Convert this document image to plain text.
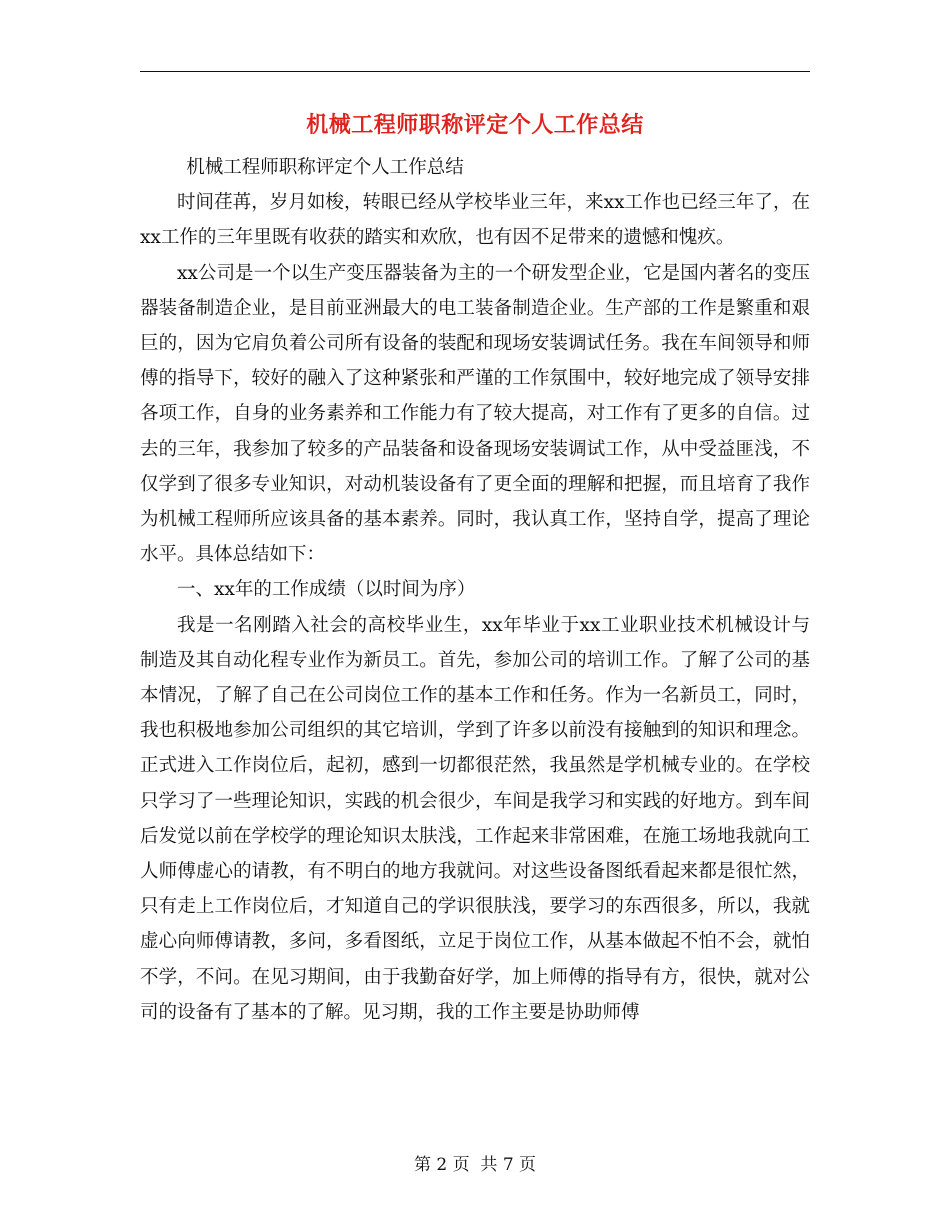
机械工程师职称评定个人工作总结

机械工程师职称评定个人工作总结

时间荏苒，岁月如梭，转眼已经从学校毕业三年，来xx工作也已经三年了，在xx工作的三年里既有收获的踏实和欢欣，也有因不足带来的遗憾和愧疚。

xx公司是一个以生产变压器装备为主的一个研发型企业，它是国内著名的变压器装备制造企业，是目前亚洲最大的电工装备制造企业。生产部的工作是繁重和艰巨的，因为它肩负着公司所有设备的装配和现场安装调试任务。我在车间领导和师傅的指导下，较好的融入了这种紧张和严谨的工作氛围中，较好地完成了领导安排各项工作，自身的业务素养和工作能力有了较大提高，对工作有了更多的自信。过去的三年，我参加了较多的产品装备和设备现场安装调试工作，从中受益匪浅，不仅学到了很多专业知识，对动机装设备有了更全面的理解和把握，而且培育了我作为机械工程师所应该具备的基本素养。同时，我认真工作，坚持自学，提高了理论水平。具体总结如下：

一、xx年的工作成绩（以时间为序）

我是一名刚踏入社会的高校毕业生，xx年毕业于xx工业职业技术机械设计与制造及其自动化程专业作为新员工。首先，参加公司的培训工作。了解了公司的基本情况，了解了自己在公司岗位工作的基本工作和任务。作为一名新员工，同时，我也积极地参加公司组织的其它培训，学到了许多以前没有接触到的知识和理念。正式进入工作岗位后，起初，感到一切都很茫然，我虽然是学机械专业的。在学校只学习了一些理论知识，实践的机会很少，车间是我学习和实践的好地方。到车间后发觉以前在学校学的理论知识太肤浅，工作起来非常困难，在施工场地我就向工人师傅虚心的请教，有不明白的地方我就问。对这些设备图纸看起来都是很忙然，只有走上工作岗位后，才知道自己的学识很肤浅，要学习的东西很多，所以，我就虚心向师傅请教，多问，多看图纸，立足于岗位工作，从基本做起不怕不会，就怕不学，不问。在见习期间，由于我勤奋好学，加上师傅的指导有方，很快，就对公司的设备有了基本的了解。见习期，我的工作主要是协助师傅

第 2 页  共 7 页
